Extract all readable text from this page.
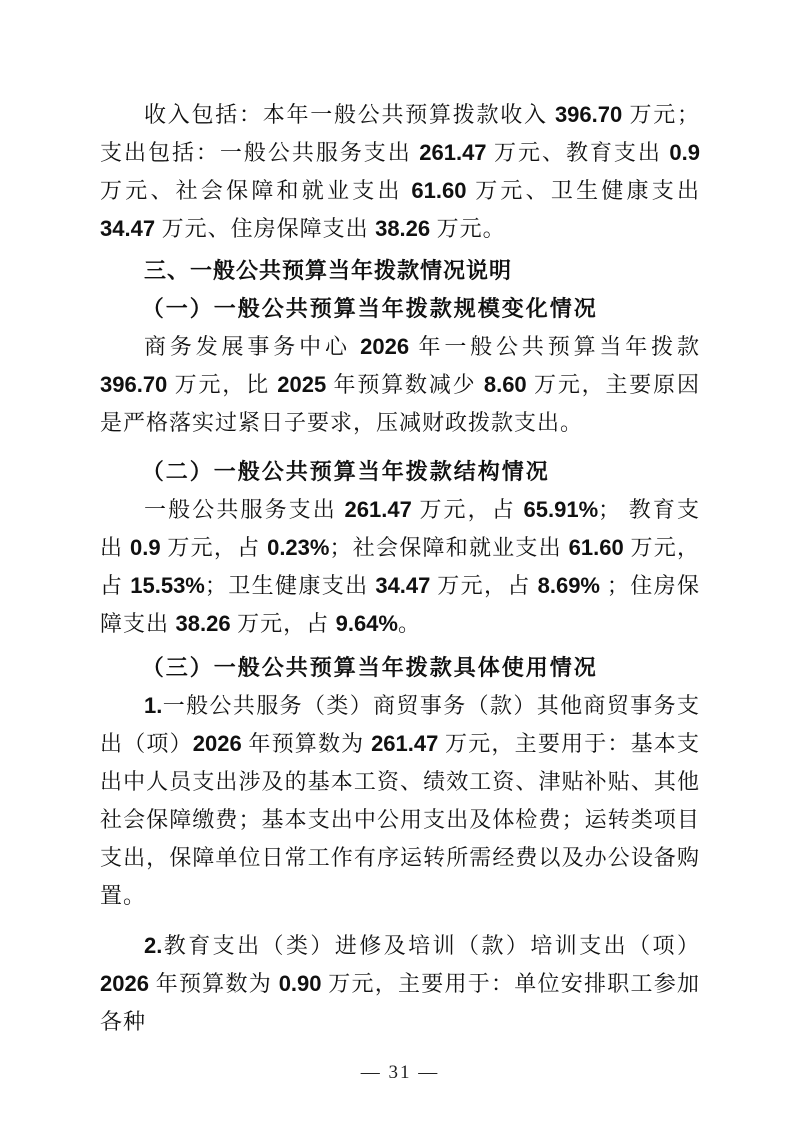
收入包括：本年一般公共预算拨款收入 396.70 万元；支出包括：一般公共服务支出 261.47 万元、教育支出 0.9 万元、社会保障和就业支出 61.60 万元、卫生健康支出 34.47 万元、住房保障支出 38.26 万元。

三、一般公共预算当年拨款情况说明
（一）一般公共预算当年拨款规模变化情况

商务发展事务中心 2026 年一般公共预算当年拨款 396.70 万元，比 2025 年预算数减少 8.60 万元，主要原因是严格落实过紧日子要求，压减财政拨款支出。

（二）一般公共预算当年拨款结构情况

一般公共服务支出 261.47 万元，占 65.91%； 教育支出 0.9 万元，占 0.23%；社会保障和就业支出 61.60 万元，占 15.53%；卫生健康支出 34.47 万元，占 8.69% ；住房保障支出 38.26 万元，占 9.64%。

（三）一般公共预算当年拨款具体使用情况

1.一般公共服务（类）商贸事务（款）其他商贸事务支出（项）2026 年预算数为 261.47 万元，主要用于：基本支出中人员支出涉及的基本工资、绩效工资、津贴补贴、其他社会保障缴费；基本支出中公用支出及体检费；运转类项目支出，保障单位日常工作有序运转所需经费以及办公设备购置。

2.教育支出（类）进修及培训（款）培训支出（项）2026 年预算数为 0.90 万元，主要用于：单位安排职工参加各种

— 31 —
